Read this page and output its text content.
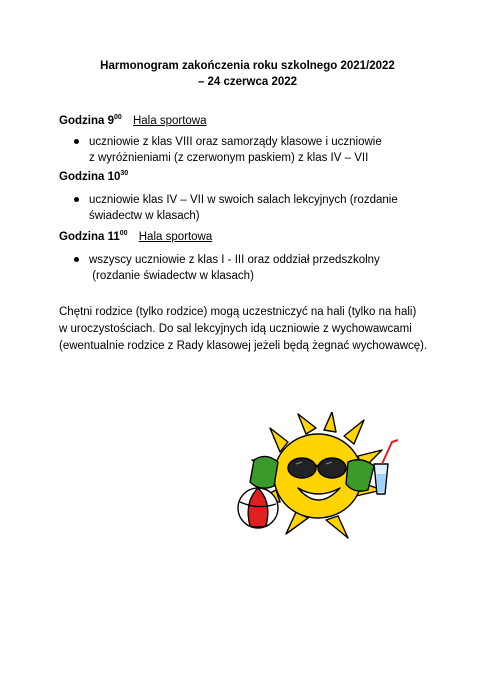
Harmonogram zakończenia roku szkolnego 2021/2022
– 24 czerwca 2022
Godzina $9^{00}$ Hala sportowa
uczniowie z klas VIII oraz samorządy klasowe i uczniowie
z wyróżnieniami (z czerwonym paskiem) z klas IV – VII
Godzina $10^{30}$
uczniowie klas IV – VII w swoich salach lekcyjnych (rozdanie
świadectw w klasach)
Godzina $11^{00}$ Hala sportowa
wszyscy uczniowie z klas I - III oraz oddział przedszkolny
(rozdanie świadectw w klasach)
Chętni rodzice (tylko rodzice) mogą uczestniczyć na hali (tylko na hali)
w uroczystościach. Do sal lekcyjnych idą uczniowie z wychowawcami
(ewentualnie rodzice z Rady klasowej jeżeli będą żegnać wychowawcę).
